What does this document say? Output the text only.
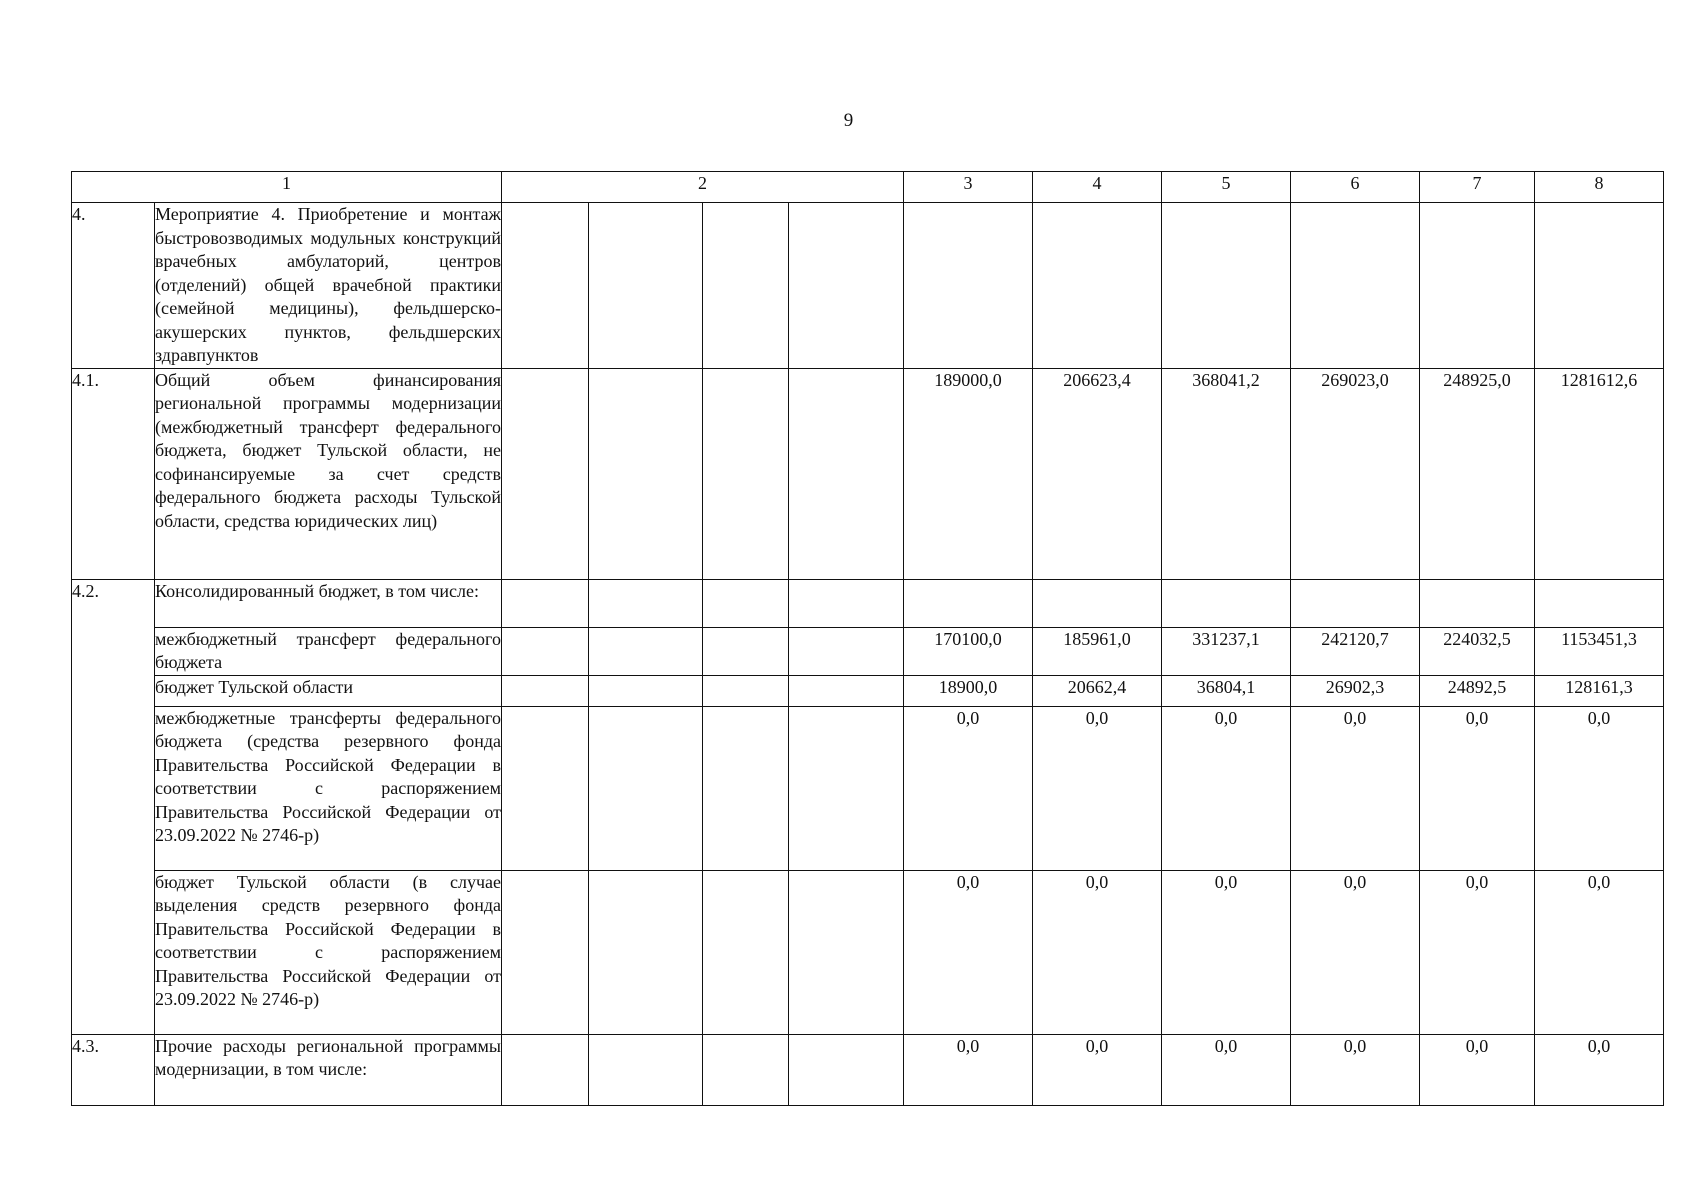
9
1		2				3	4	5	6	7	8
4.	Мероприятие 4. Приобретение и монтаж быстровозводимых модульных конструкций врачебных амбулаторий, центров (отделений) общей врачебной практики (семейной медицины), фельдшерско-акушерских пунктов, фельдшерских здравпунктов										
4.1.	Общий объем финансирования региональной программы модернизации (межбюджетный трансферт федерального бюджета, бюджет Тульской области, не софинансируемые за счет средств федерального бюджета расходы Тульской области, средства юридических лиц)					189000,0	206623,4	368041,2	269023,0	248925,0	1281612,6
4.2.	Консолидированный бюджет, в том числе:										
	межбюджетный трансферт федерального бюджета					170100,0	185961,0	331237,1	242120,7	224032,5	1153451,3
	бюджет Тульской области					18900,0	20662,4	36804,1	26902,3	24892,5	128161,3
	межбюджетные трансферты федерального бюджета (средства резервного фонда Правительства Российской Федерации в соответствии с распоряжением Правительства Российской Федерации от 23.09.2022 № 2746-р)					0,0	0,0	0,0	0,0	0,0	0,0
	бюджет Тульской области (в случае выделения средств резервного фонда Правительства Российской Федерации в соответствии с распоряжением Правительства Российской Федерации от 23.09.2022 № 2746-р)					0,0	0,0	0,0	0,0	0,0	0,0
4.3.	Прочие расходы региональной программы модернизации, в том числе:					0,0	0,0	0,0	0,0	0,0	0,0
